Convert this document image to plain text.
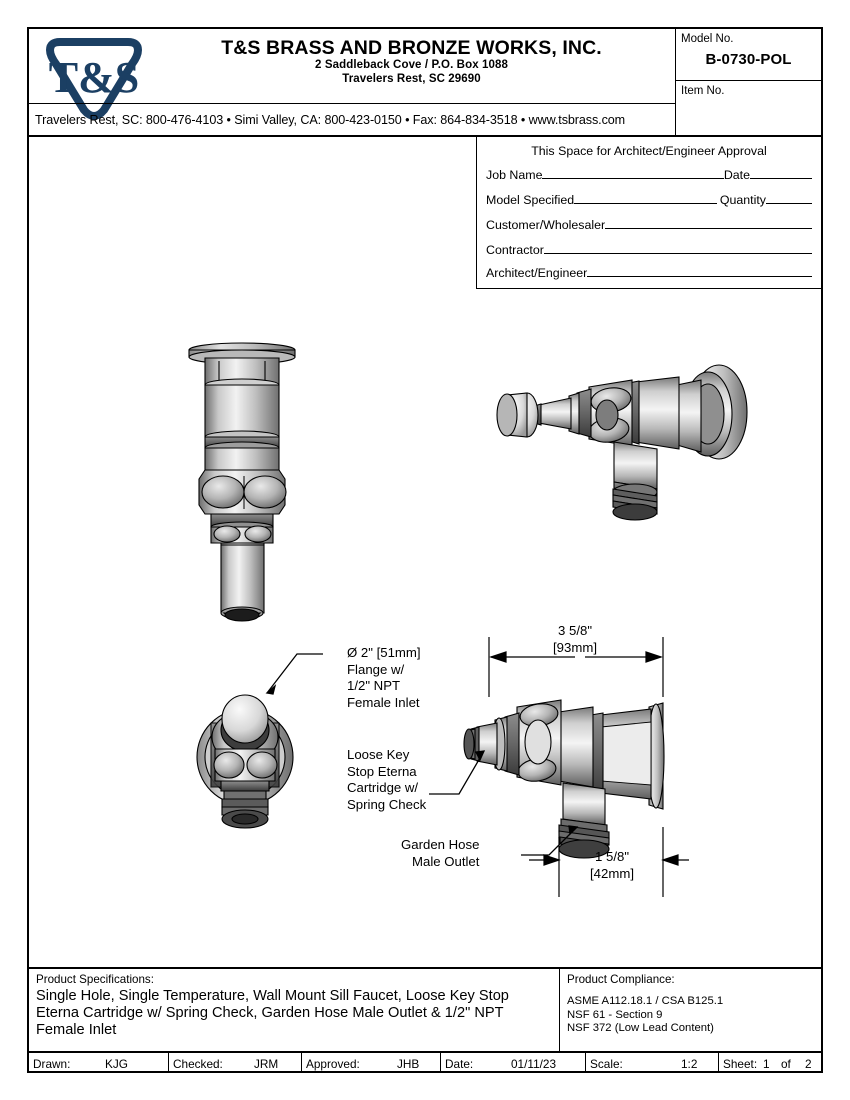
T&S
T&S BRASS AND BRONZE WORKS, INC.
2 Saddleback Cove / P.O. Box 1088
Travelers Rest, SC 29690
Travelers Rest, SC: 800-476-4103 • Simi Valley, CA: 800-423-0150 • Fax: 864-834-3518 • www.tsbrass.com
Model No.
B-0730-POL
Item No.
This Space for Architect/Engineer Approval
Job Name	Date
Model Specified	Quantity
Customer/Wholesaler
Contractor
Architect/Engineer
Ø 2" [51mm]
Flange w/
1/2" NPT
Female Inlet
Loose Key
Stop Eterna
Cartridge w/
Spring Check
Garden Hose
Male Outlet
3 5/8"
[93mm]
1 5/8"
[42mm]
Product Specifications:
Single Hole, Single Temperature, Wall Mount Sill Faucet, Loose Key Stop Eterna Cartridge w/ Spring Check, Garden Hose Male Outlet & 1/2" NPT Female Inlet
Product Compliance:
ASME A112.18.1 / CSA B125.1
NSF 61 - Section 9
NSF 372 (Low Lead Content)
Drawn:	KJG	Checked:	JRM Approved:	JHB Date:	01/11/23	Scale:	1:2 Sheet: 1 of 2
